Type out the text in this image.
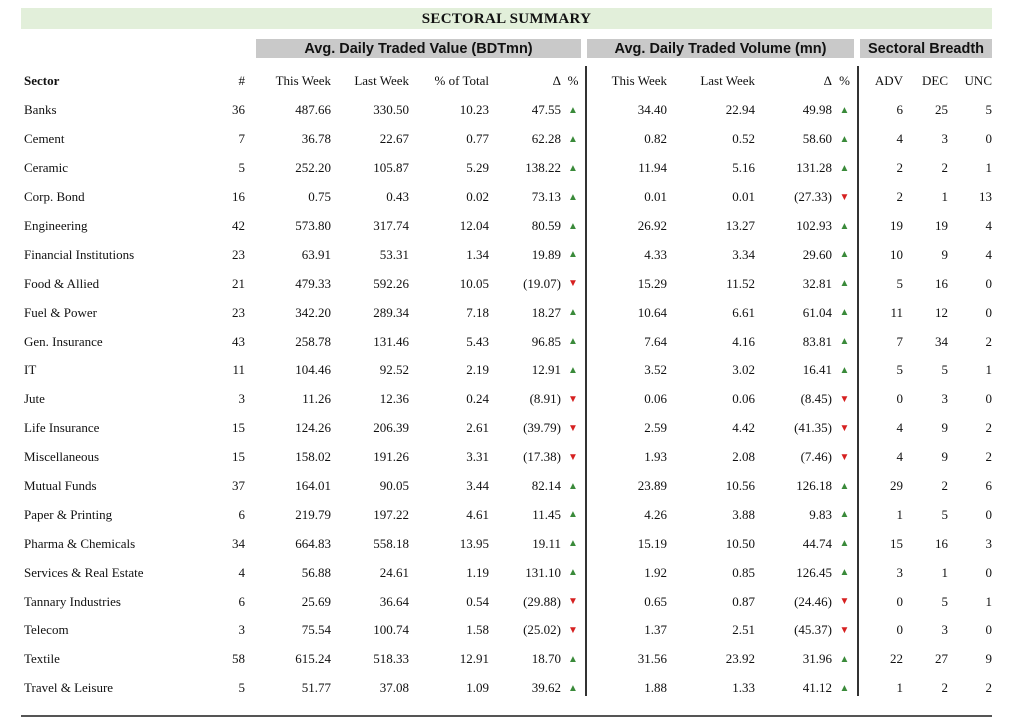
SECTORAL SUMMARY
Avg. Daily Traded Value (BDTmn)	Avg. Daily Traded Volume (mn)	Sectoral Breadth
Sector	#	This Week	Last Week	% of Total	Δ	%	This Week	Last Week	Δ	%	ADV	DEC	UNC
Banks	36	487.66	330.50	10.23	47.55	▲	34.40	22.94	49.98	▲	6	25	5
Cement	7	36.78	22.67	0.77	62.28	▲	0.82	0.52	58.60	▲	4	3	0
Ceramic	5	252.20	105.87	5.29	138.22	▲	11.94	5.16	131.28	▲	2	2	1
Corp. Bond	16	0.75	0.43	0.02	73.13	▲	0.01	0.01	(27.33)	▼	2	1	13
Engineering	42	573.80	317.74	12.04	80.59	▲	26.92	13.27	102.93	▲	19	19	4
Financial Institutions	23	63.91	53.31	1.34	19.89	▲	4.33	3.34	29.60	▲	10	9	4
Food & Allied	21	479.33	592.26	10.05	(19.07)	▼	15.29	11.52	32.81	▲	5	16	0
Fuel & Power	23	342.20	289.34	7.18	18.27	▲	10.64	6.61	61.04	▲	11	12	0
Gen. Insurance	43	258.78	131.46	5.43	96.85	▲	7.64	4.16	83.81	▲	7	34	2
IT	11	104.46	92.52	2.19	12.91	▲	3.52	3.02	16.41	▲	5	5	1
Jute	3	11.26	12.36	0.24	(8.91)	▼	0.06	0.06	(8.45)	▼	0	3	0
Life Insurance	15	124.26	206.39	2.61	(39.79)	▼	2.59	4.42	(41.35)	▼	4	9	2
Miscellaneous	15	158.02	191.26	3.31	(17.38)	▼	1.93	2.08	(7.46)	▼	4	9	2
Mutual Funds	37	164.01	90.05	3.44	82.14	▲	23.89	10.56	126.18	▲	29	2	6
Paper & Printing	6	219.79	197.22	4.61	11.45	▲	4.26	3.88	9.83	▲	1	5	0
Pharma & Chemicals	34	664.83	558.18	13.95	19.11	▲	15.19	10.50	44.74	▲	15	16	3
Services & Real Estate	4	56.88	24.61	1.19	131.10	▲	1.92	0.85	126.45	▲	3	1	0
Tannary Industries	6	25.69	36.64	0.54	(29.88)	▼	0.65	0.87	(24.46)	▼	0	5	1
Telecom	3	75.54	100.74	1.58	(25.02)	▼	1.37	2.51	(45.37)	▼	0	3	0
Textile	58	615.24	518.33	12.91	18.70	▲	31.56	23.92	31.96	▲	22	27	9
Travel & Leisure	5	51.77	37.08	1.09	39.62	▲	1.88	1.33	41.12	▲	1	2	2
